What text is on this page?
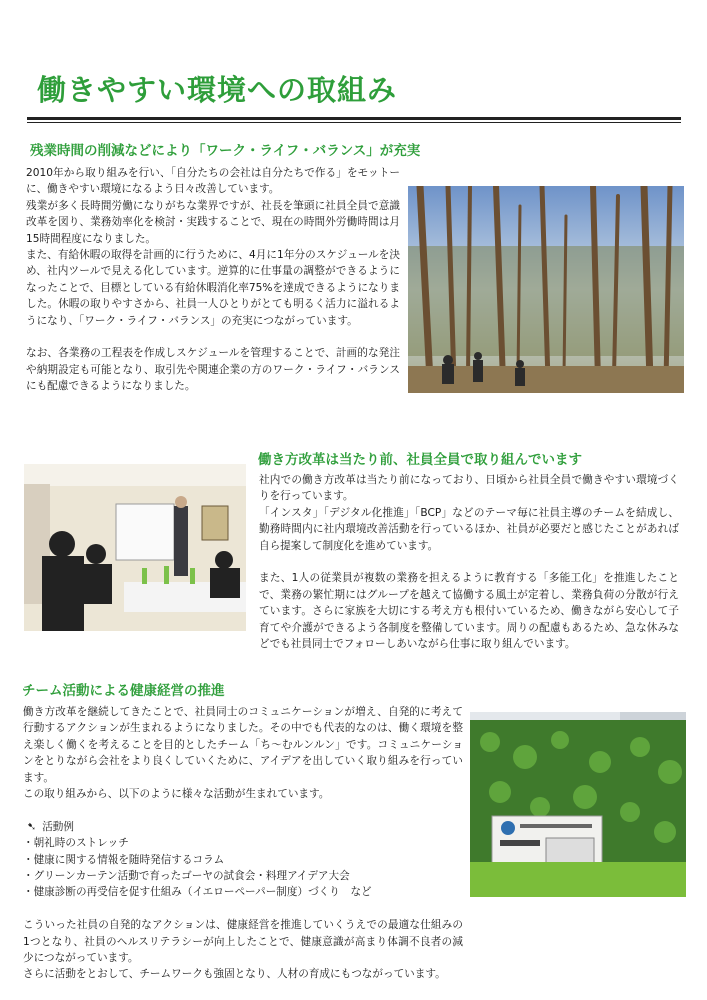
働きやすい環境への取組み
残業時間の削減などにより「ワーク・ライフ・バランス」が充実

2010年から取り組みを行い、「自分たちの会社は自分たちで作る」をモットーに、働きやすい環境になるよう日々改善しています。
残業が多く長時間労働になりがちな業界ですが、社長を筆頭に社員全員で意識改革を図り、業務効率化を検討・実践することで、現在の時間外労働時間は月15時間程度になりました。
また、有給休暇の取得を計画的に行うために、4月に1年分のスケジュールを決め、社内ツールで見える化しています。逆算的に仕事量の調整ができるようになったことで、目標としている有給休暇消化率75%を達成できるようになりました。休暇の取りやすさから、社員一人ひとりがとても明るく活力に溢れるようになり、「ワーク・ライフ・バランス」の充実につながっています。

なお、各業務の工程表を作成しスケジュールを管理することで、計画的な発注や納期設定も可能となり、取引先や関連企業の方のワーク・ライフ・バランスにも配慮できるようになりました。

働き方改革は当たり前、社員全員で取り組んでいます

社内での働き方改革は当たり前になっており、日頃から社員全員で働きやすい環境づくりを行っています。
「インスタ」「デジタル化推進」「BCP」などのテーマ毎に社員主導のチームを結成し、勤務時間内に社内環境改善活動を行っているほか、社員が必要だと感じたことがあれば自ら提案して制度化を進めています。

また、1人の従業員が複数の業務を担えるように教育する「多能工化」を推進したことで、業務の繁忙期にはグループを越えて協働する風土が定着し、業務負荷の分散が行えています。さらに家族を大切にする考え方も根付いているため、働きながら安心して子育てや介護ができるよう各制度を整備しています。周りの配慮もあるため、急な休みなどでも社員同士でフォローしあいながら仕事に取り組んでいます。

チーム活動による健康経営の推進

働き方改革を継続してきたことで、社員同士のコミュニケーションが増え、自発的に考えて行動するアクションが生まれるようになりました。その中でも代表的なのは、働く環境を整え楽しく働くを考えることを目的としたチーム「ち～むルンルン」です。コミュニケーションをとりながら会社をより良くしていくために、アイデアを出していく取り組みを行っています。
この取り組みから、以下のように様々な活動が生まれています。

➷ 活動例
・朝礼時のストレッチ
・健康に関する情報を随時発信するコラム
・グリーンカーテン活動で育ったゴーヤの試食会・料理アイデア大会
・健康診断の再受信を促す仕組み（イエローペーパー制度）づくり　など

こういった社員の自発的なアクションは、健康経営を推進していくうえでの最適な仕組みの1つとなり、社員のヘルスリテラシーが向上したことで、健康意識が高まり体調不良者の減少につながっています。
さらに活動をとおして、チームワークも強固となり、人材の育成にもつながっています。
